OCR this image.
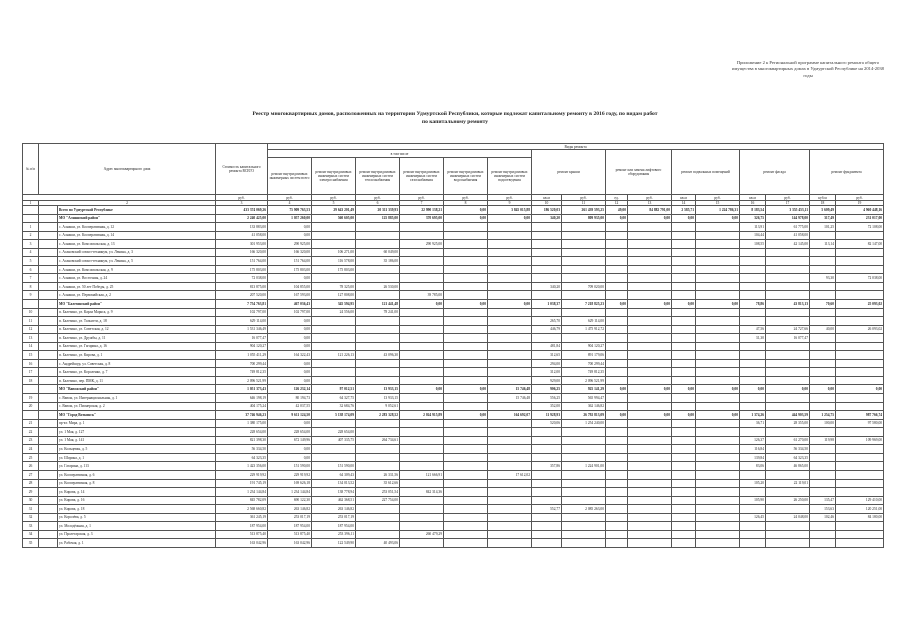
Приложение 2 к Региональной программе капитального ремонта общего имущества в многоквартирных домах в Удмуртской Республике на 2014-2038 годы
Реестр многоквартирных домов, расположенных на территории Удмуртской Республики, которые подлежат капитальному ремонту в 2016 году, по видам работ по капитальному ремонту
№ п/п	Адрес многоквартирного дома		Стоимость капитального ремонта ВСЕГО	Виды ремонта															
				в том числе						ремонт крыши		ремонт или замена лифтового оборудования		ремонт подвальных помещений		ремонт фасада		ремонт фундамента	
				ремонт внутридомовых инженерных систем всего	ремонт внутридомовых инженерных систем электроснабжения	ремонт внутридомовых инженерных систем теплоснабжения	ремонт внутридомовых инженерных систем газоснабжения	ремонт внутридомовых инженерных систем водоснабжения	ремонт внутридомовых инженерных систем водоотведения										
			руб.	руб.	руб.	руб.	руб.	руб.	руб.	кв.м	руб.	ед.	руб.	кв.м	руб.	кв.м	руб.	куб.м	руб.
1	2		3	4	5	6	7	8	9	10	11	12	13	14	15	16	17	18	19
		Всего по Удмуртской Республике	433 374 069,26	75 909 763,53	29 643 201,49	20 311 339,93	22 990 138,21	0,00	3 845 015,88	186 520,03	261 439 593,25	49,00	84 882 791,00	2 585,71	1 224 786,31	8 183,54	3 355 453,11	5 609,49	4 960 448,16
		МО "Алнашский район"	2 240 425,00	1 057 260,00	560 605,00	125 885,00	370 695,00	0,00	0,00	340,20	809 935,00	0,00	0,00	0,00	0,00	326,75	144 978,00	317,49	231 017,00
1		с. Алнаши, ул. Кооперативная, д. 12	133 883,00	0,00												113,91	61 775,00	101,25	72 108,00
2		с. Алнаши, ул. Кооперативная, д. 14	41 058,00	0,00												104,44	41 058,00		
3		с. Алнаши, ул. Комсомольская, д. 13	301 953,00	290 925,00			290 925,00									108,55	42 145,00	113,14	82 147,00
4		с. Асановский совхоз-техникум, ул. Ленина, д. 3	166 320,00	166 320,00	106 271,00	60 049,00													
5		с. Асановский совхоз-техникум, ул. Ленина, д. 5	151 764,00	151 764,00	116 578,00	35 186,00													
6		с. Алнаши, ул. Комсомольская, д. 9	175 803,00	175 803,00	175 803,00														
7		с. Алнаши, ул. Восточная, д. 24	72 038,00	0,00														93,30	72 038,00
8		с. Алнаши, ул. 50 лет Победы, д. 25	813 875,00	104 855,00	78 325,00	26 530,00				340,20	709 020,00								
9		с. Алнаши, ул. Первомайская, д. 2	207 520,00	167 593,00	127 808,00		39 785,00												
		МО "Балезинский район"	7 754 763,81	467 036,43	345 594,95	121 441,48	0,00	0,00	0,00	1 038,37	7 218 825,23	0,00	0,00	0,00	0,00	78,86	43 813,13	70,60	25 093,02
10		п. Балезино, ул. Карла Маркса, д. 9	102 797,00	102 797,00	24 556,00	78 241,00													
11		п. Балезино, ул. Тольятти, д. 18	629 114,00	0,00						265,70	629 114,00								
12		п. Балезино, ул. Советская, д. 12	1 531 346,49	0,00						446,79	1 475 912,72					47,56	24 727,66	40,00	26 093,02
13		п. Балезино, ул. Дружбы, д. 11	16 077,47	0,00												31,30	16 077,47		
14		п. Балезино, ул. Гагарина, д. 16	904 120,27	0,00						481,84	904 120,27								
15		п. Балезино, ул. Кирова, д. 1	1 055 411,29	164 322,43	121 226,13	43 096,30				312,65	891 179,06								
16		с. Андрейшур, ул. Советская, д. 8	700 299,44	0,00						294,00	700 299,44								
17		п. Балезино, ул. Короленко, д. 7	749 812,35	0,00						312,00	749 812,35								
18		п. Балезино, пер. ПМК, д. 11	2 096 521,99	0,00						929,00	2 096 521,99								
		МО "Вавожский район"	1 051 373,43	126 232,14	97 012,51	13 933,15	0,00	0,00	15 746,48	906,25	925 141,29	0,00	0,00	0,00	0,00	0,00	0,00	0,00	0,00
19		с. Вавож, ул. Интернациональная, д. 1	646 198,19	80 194,73	64 327,75	13 933,15			15 746,48	556,25	565 994,47								
20		с. Вавож, ул. Пионерская, д. 2	404 175,24	42 037,55	32 684,76	9 052,61				352,00	362 146,82								
		МО "Город Воткинск"	37 746 946,23	9 611 124,50	5 138 174,09	2 283 328,52	2 024 915,89	0,00	164 692,07	11 928,93	26 792 813,09	0,00	0,00	0,00	0,00	1 374,26	444 903,59	1 254,75	987 766,74
21		пр-кт. Мира, д. 1	1 380 175,00	0,00						520,06	1 254 240,00					36,71	28 355,00	100,00	97 580,00
22		ул. 1 Мая, д. 127	228 654,00	228 654,00	228 654,00														
23		ул. 1 Мая, д. 141	821 398,30	672 149,96	407 335,75	264 734,61										126,37	61 270,00	119,98	109 969,00
24		ул. Кольцевая, д. 5	56 334,50	0,00												116,84	56 334,50		
25		ул. Шорина, д. 1	64 323,35	0,00												139,84	64 323,35		
26		ул. Гагарина, д. 113	1 423 356,00	151 590,00	151 590,00					357,86	1 224 901,00					83,06	46 865,00		
27		ул. Кооперативная, д. 6	229 919,92	229 919,92	64 309,43	26 331,56	121 666,91		17 612,02										
28		ул. Кооперативная, д. 8	191 745,19	169 626,18	134 013,52	35 612,66										105,20	22 119,01		
29		ул. Кирова, д. 14	1 234 144,84	1 234 144,84	138 778,94	253 051,54	842 314,36												
30		ул. Кирова, д. 16	845 782,09	690 122,30	462 368,51	227 754,00										105,90	26 250,00	135,47	129 410,00
31		ул. Кирова, д. 18	2 568 660,82	263 146,82	263 146,82					552,77	2 085 263,00							153,63	120 251,00
32		ул. Королёва, д. 5	361 245,19	253 017,19	253 017,19											126,45	24 048,00	102,46	84 180,00
33		ул. Молодёжная, д. 1	187 954,00	187 954,00	187 954,00														
34		ул. Пролетарская, д. 3	513 875,40	513 875,40	253 396,11		260 479,29												
35		ул. Рабочая, д. 1	163 042,96	163 042,96	122 549,90	40 493,06													
